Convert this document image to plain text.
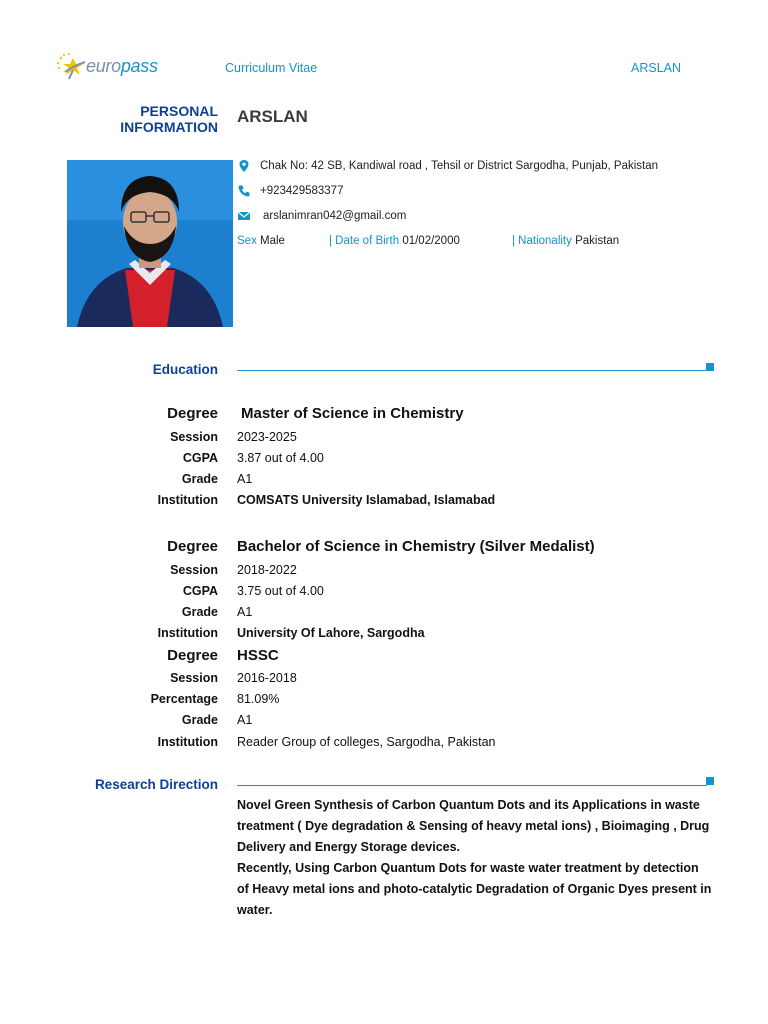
europass	Curriculum Vitae	ARSLAN
PERSONAL
INFORMATION
ARSLAN
Chak No: 42 SB, Kandiwal road , Tehsil or District Sargodha, Punjab, Pakistan
+923429583377
arslanimran042@gmail.com
Sex Male	| Date of Birth 01/02/2000	| Nationality Pakistan
Education
Degree Master of Science in Chemistry
Session 2023-2025
CGPA 3.87 out of 4.00
Grade A1
Institution COMSATS University Islamabad, Islamabad
Degree Bachelor of Science in Chemistry (Silver Medalist)
Session 2018-2022
CGPA 3.75 out of 4.00
Grade A1
Institution University Of Lahore, Sargodha
Degree HSSC
Session 2016-2018
Percentage 81.09%
Grade A1
Institution Reader Group of colleges, Sargodha, Pakistan
Research Direction
Novel Green Synthesis of Carbon Quantum Dots and its Applications in waste treatment ( Dye degradation & Sensing of heavy metal ions) , Bioimaging , Drug Delivery and Energy Storage devices.
Recently, Using Carbon Quantum Dots for waste water treatment by detection of Heavy metal ions and photo-catalytic Degradation of Organic Dyes present in water.
